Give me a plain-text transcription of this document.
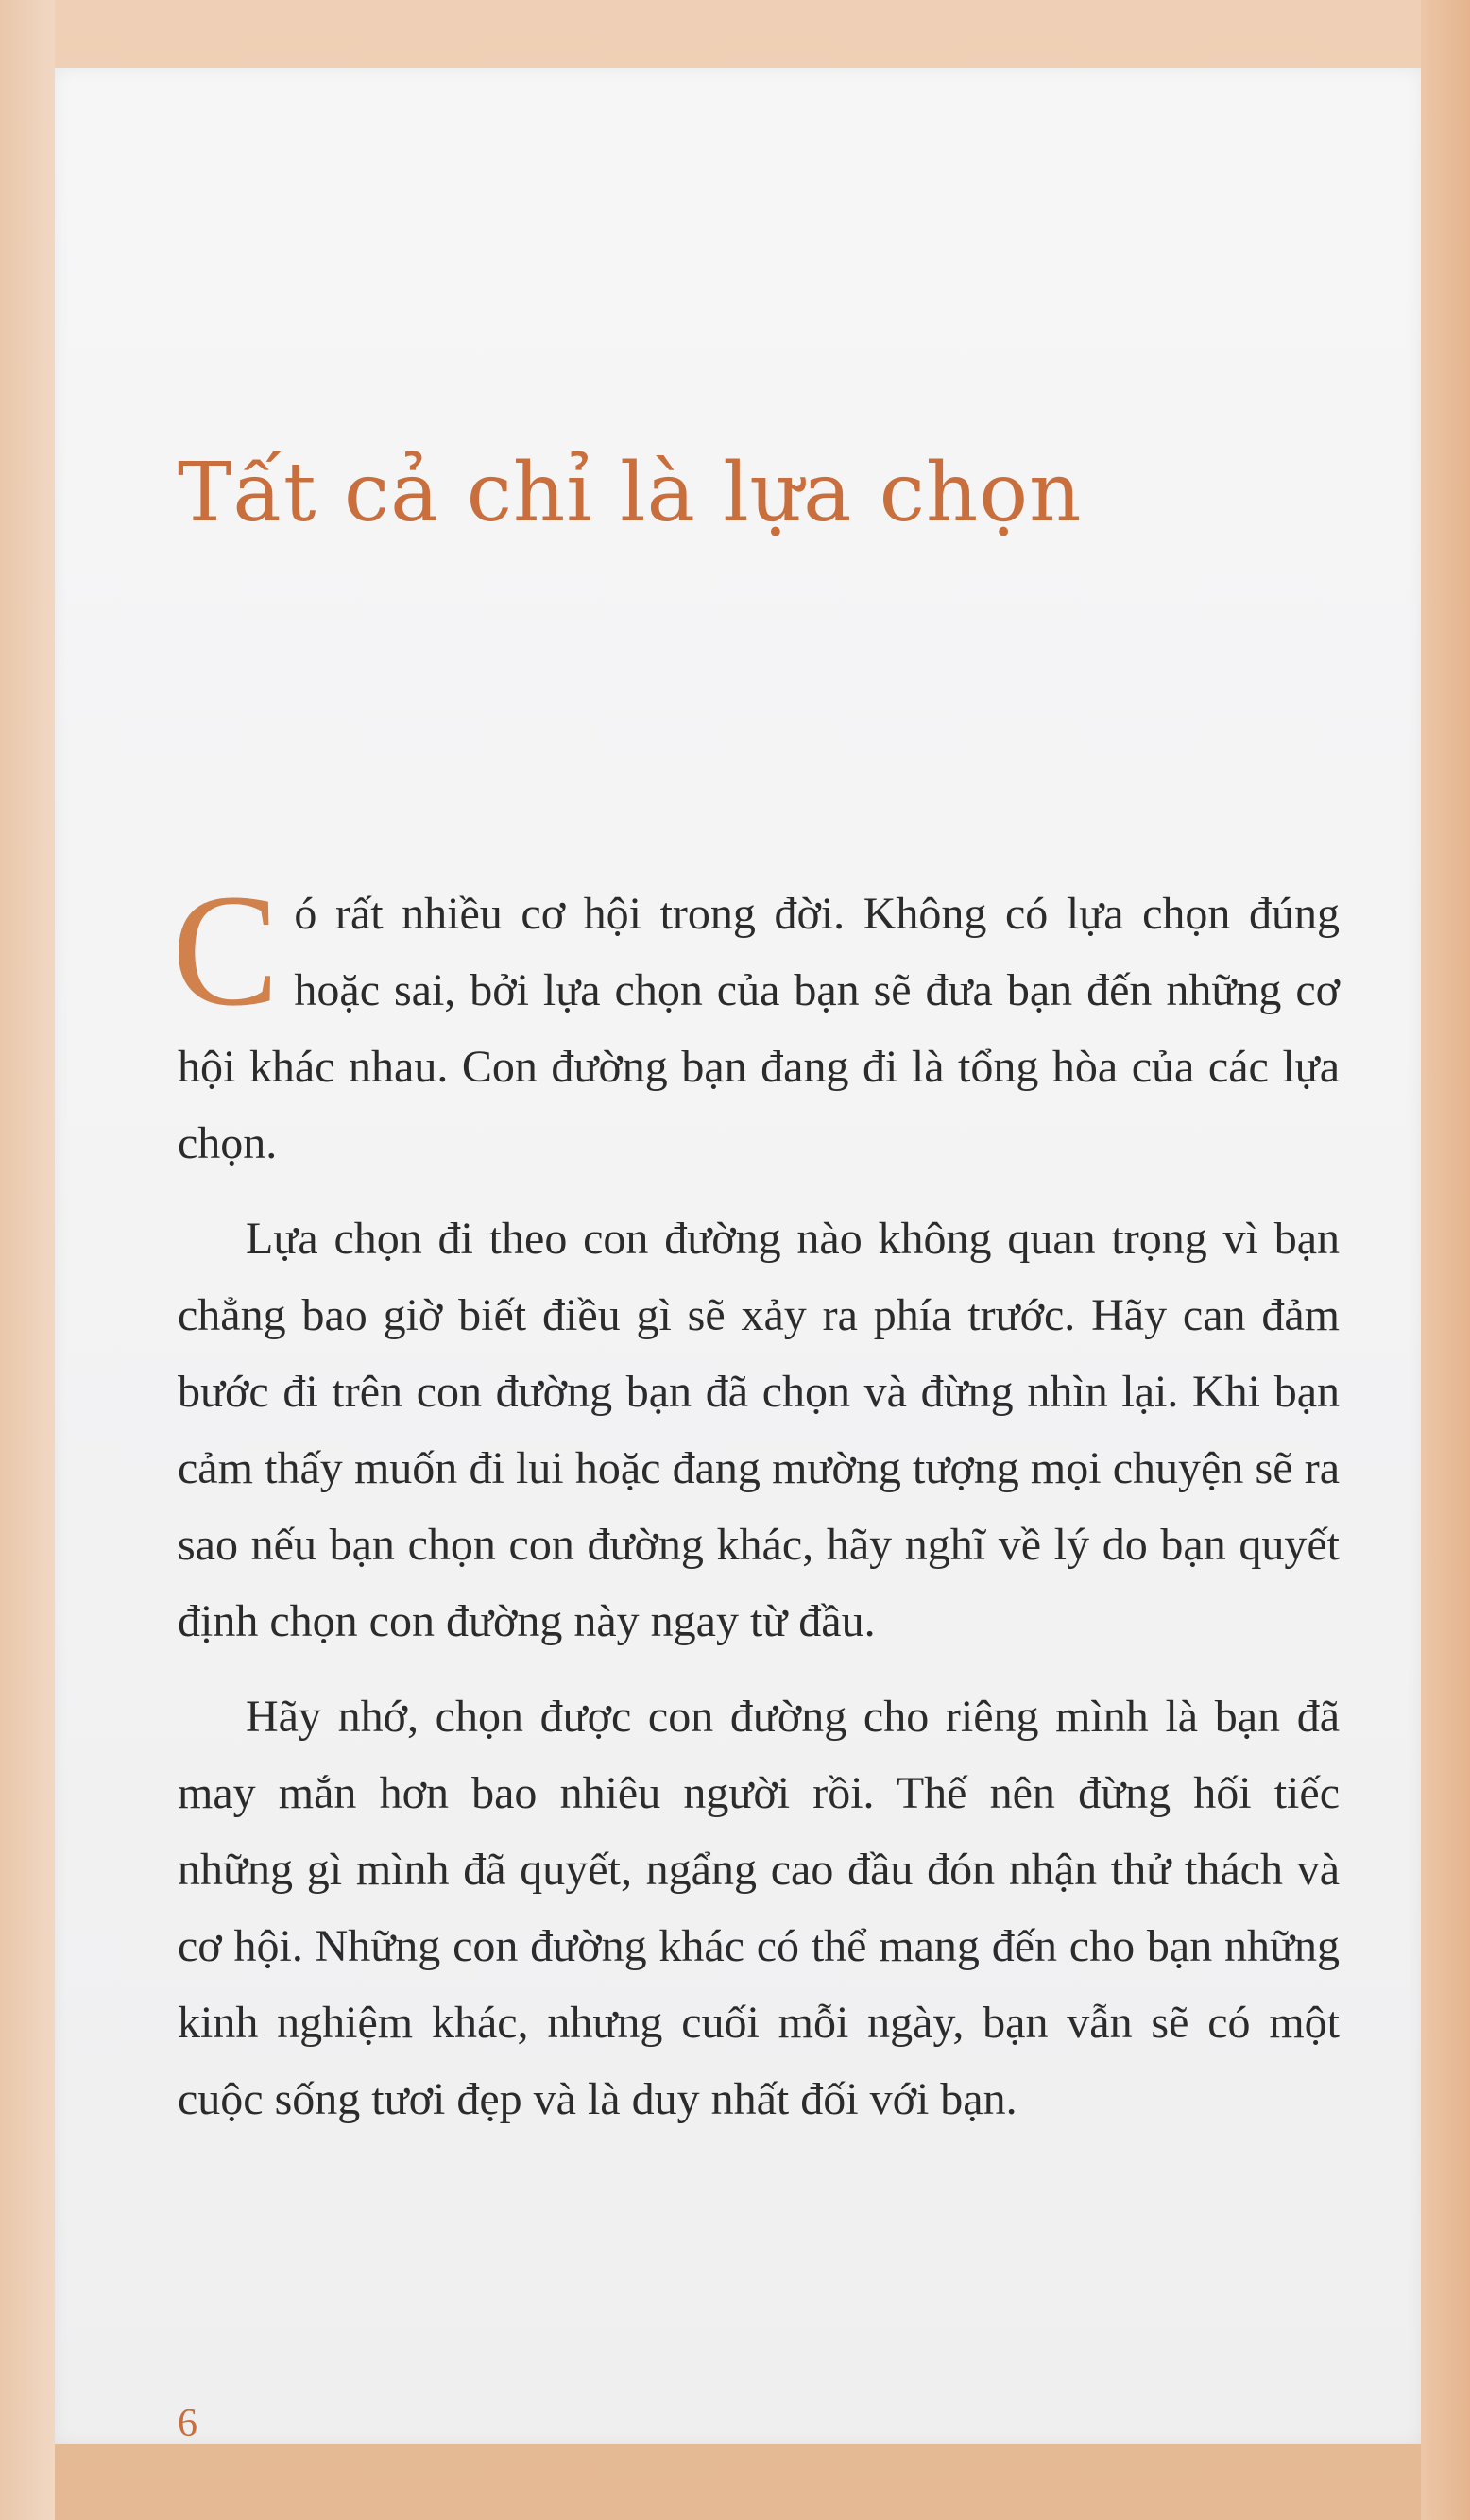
Tất cả chỉ là lựa chọn

Có rất nhiều cơ hội trong đời. Không có lựa chọn đúng hoặc sai, bởi lựa chọn của bạn sẽ đưa bạn đến những cơ hội khác nhau. Con đường bạn đang đi là tổng hòa của các lựa chọn.

Lựa chọn đi theo con đường nào không quan trọng vì bạn chẳng bao giờ biết điều gì sẽ xảy ra phía trước. Hãy can đảm bước đi trên con đường bạn đã chọn và đừng nhìn lại. Khi bạn cảm thấy muốn đi lui hoặc đang mường tượng mọi chuyện sẽ ra sao nếu bạn chọn con đường khác, hãy nghĩ về lý do bạn quyết định chọn con đường này ngay từ đầu.

Hãy nhớ, chọn được con đường cho riêng mình là bạn đã may mắn hơn bao nhiêu người rồi. Thế nên đừng hối tiếc những gì mình đã quyết, ngẩng cao đầu đón nhận thử thách và cơ hội. Những con đường khác có thể mang đến cho bạn những kinh nghiệm khác, nhưng cuối mỗi ngày, bạn vẫn sẽ có một cuộc sống tươi đẹp và là duy nhất đối với bạn.

6
